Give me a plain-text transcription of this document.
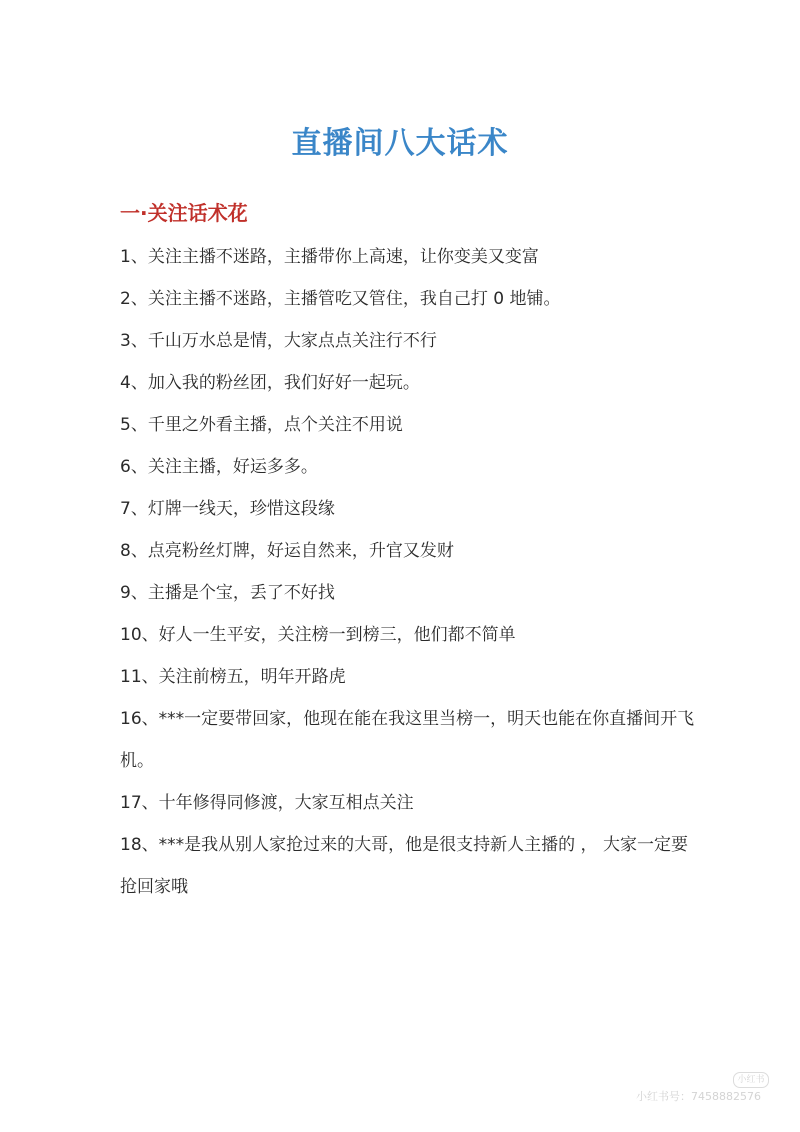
直播间八大话术
一·关注话术花
1、关注主播不迷路，主播带你上高速，让你变美又变富
2、关注主播不迷路，主播管吃又管住，我自己打 0 地铺。
3、千山万水总是情，大家点点关注行不行
4、加入我的粉丝团，我们好好一起玩。
5、千里之外看主播，点个关注不用说
6、关注主播，好运多多。
7、灯牌一线天，珍惜这段缘
8、点亮粉丝灯牌，好运自然来，升官又发财
9、主播是个宝，丢了不好找
10、好人一生平安，关注榜一到榜三，他们都不简单
11、关注前榜五，明年开路虎
16、***一定要带回家，他现在能在我这里当榜一，明天也能在你直播间开飞机。
17、十年修得同修渡，大家互相点关注
18、***是我从别人家抢过来的大哥，他是很支持新人主播的 ， 大家一定要抢回家哦
小红书
小红书号：7458882576
